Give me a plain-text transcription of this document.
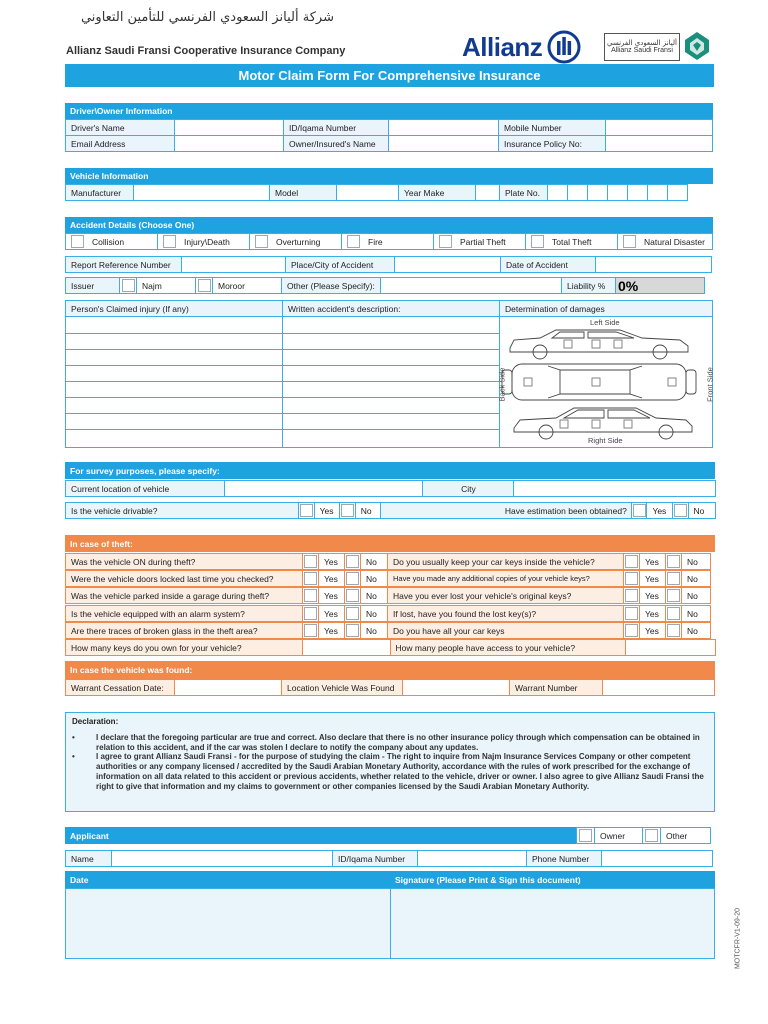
شركة أليانز السعودي الفرنسي للتأمين التعاوني
Allianz Saudi Fransi Cooperative Insurance Company	Allianz	أليانز السعودي الفرنسي
Allianz Saudi Fransi
Motor Claim Form For Comprehensive Insurance
Driver\Owner Information
Driver's Name	ID/Iqama Number	Mobile Number
Email Address	Owner/Insured's Name	Insurance Policy No:
Vehicle Information
Manufacturer	Model	Year Make	Plate No.
Accident Details (Choose One)
Collision	Injury\Death	Overturning	Fire	Partial Theft	Total Theft	Natural Disaster
Report Reference Number	Place/City of Accident	Date of Accident
Issuer	Najm	Moroor	Other (Please Specify):	Liability % 0%
Person's Claimed injury (If any)	Written accident's description:	Determination of damages
Left Side
Right Side
Back Side	Front Side
For survey purposes, please specify:
Current location of vehicle	City
Is the vehicle drivable?	Yes	No	Have estimation been obtained?	Yes	No
In case of theft:
Was the vehicle ON during theft?	Yes	No	Do you usually keep your car keys inside the vehicle?	Yes	No
Were the vehicle doors locked last time you checked?	Yes	No	Have you made any additional copies of your vehicle keys?	Yes	No
Was the vehicle parked inside a garage during theft?	Yes	No	Have you ever lost your vehicle's original keys?	Yes	No
Is the vehicle equipped with an alarm system?	Yes	No	If lost, have you found the lost key(s)?	Yes	No
Are there traces of broken glass in the theft area?	Yes	No	Do you have all your car keys	Yes	No
How many keys do you own for your vehicle?	How many people have access to your vehicle?
In case the vehicle was found:
Warrant Cessation Date:	Location Vehicle Was Found	Warrant Number
Declaration:
•	I declare that the foregoing particular are true and correct. Also declare that there is no other insurance policy through which compensation can be obtained in relation to this accident, and if the car was stolen I declare to notify the company about any updates.
•	I agree to grant Allianz Saudi Fransi - for the purpose of studying the claim - The right to inquire from Najm Insurance Services Company or other competent authorities or any company licensed / accredited by the Saudi Arabian Monetary Authority, accordance with the rules of work prescribed for the exchange of information on all data related to this accident or previous accidents, whether related to the vehicle, driver or owner. I also agree to give Allianz Saudi Fransi the right to give that information and my claims to government or other companies licensed by the Saudi Arabian Monetary Authority.
Applicant	Owner	Other
Name	ID/Iqama Number	Phone Number
Date	Signature (Please Print & Sign this document)
MOTCFR-V1-09-20
